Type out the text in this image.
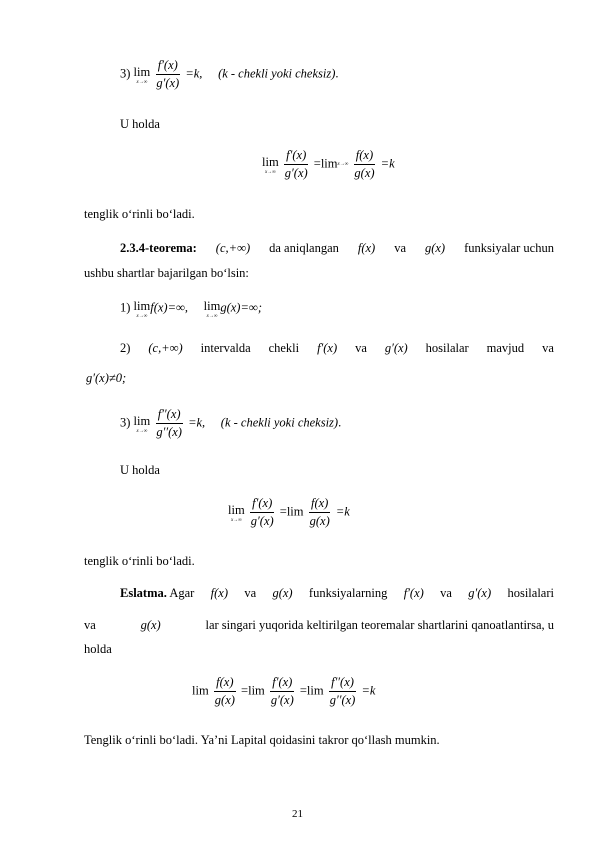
3) lim
x→∞
$\frac{f'(x)}{g'(x)} =k$, (k - chekli yoki cheksiz).
U holda
lim
x→∞
$\frac{f'(x)}{g'(x)} =\lim$ x→∞
$\frac{f(x)}{g(x)} =k$
tenglik o‘rinli bo‘ladi.
2.3.4-teorema: (c,+∞) da aniqlangan f(x) va g(x) funksiyalar uchun
ushbu shartlar bajarilgan bo‘lsin:
1) lim
x→∞
f(x)=∞, lim
x→∞
g(x)=∞;
2) (c,+∞) intervalda chekli f′(x) va g′(x) hosilalar mavjud va
g′(x)≠0;
3) lim
x→∞
$\frac{f''(x)}{g''(x)} =k$, (k - chekli yoki cheksiz).
U holda
lim
x→∞
$\frac{f'(x)}{g'(x)} =\lim \frac{f(x)}{g(x)} =k$
tenglik o‘rinli bo‘ladi.
Eslatma. Agar f(x) va g(x) funksiyalarning f′(x) va g′(x) hosilalari
va	g(x)	lar singari yuqorida keltirilgan teoremalar shartlarini qanoatlantirsa, u
holda
$\lim \frac{f(x)}{g(x)} =\lim \frac{f'(x)}{g'(x)} =\lim \frac{f''(x)}{g''(x)} =k$
Tenglik o‘rinli bo‘ladi. Ya’ni Lapital qoidasini takror qo‘llash mumkin.
21
